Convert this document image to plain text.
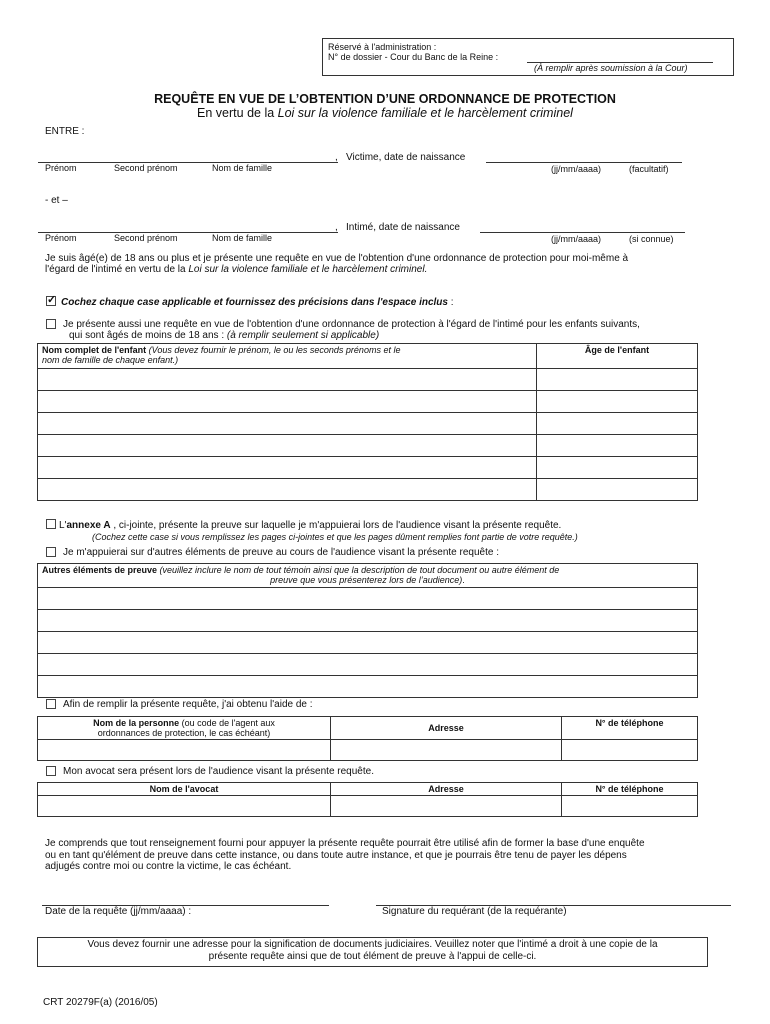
Réservé à l'administration :
N° de dossier - Cour du Banc de la Reine :
(À remplir après soumission à la Cour)
REQUÊTE EN VUE DE L’OBTENTION D’UNE ORDONNANCE DE PROTECTION
En vertu de la Loi sur la violence familiale et le harcèlement criminel
ENTRE :
, Victime, date de naissance
Prénom	Second prénom	Nom de famille	(jj/mm/aaaa)	(facultatif)
- et –
, Intimé, date de naissance
Prénom	Second prénom	Nom de famille	(jj/mm/aaaa)	(si connue)
Je suis âgé(e) de 18 ans ou plus et je présente une requête en vue de l'obtention d'une ordonnance de protection pour moi-même à
l'égard de l'intimé en vertu de la Loi sur la violence familiale et le harcèlement criminel.
✓
Cochez chaque case applicable et fournissez des précisions dans l'espace inclus :
Je présente aussi une requête en vue de l'obtention d'une ordonnance de protection à l'égard de l'intimé pour les enfants suivants,
qui sont âgés de moins de 18 ans : (à remplir seulement si applicable)
Nom complet de l'enfant (Vous devez fournir le prénom, le ou les seconds prénoms et le
nom de famille de chaque enfant.)	Âge de l'enfant

L'annexe A , ci-jointe, présente la preuve sur laquelle je m'appuierai lors de l'audience visant la présente requête.
(Cochez cette case si vous remplissez les pages ci-jointes et que les pages dûment remplies font partie de votre requête.)
Je m'appuierai sur d'autres éléments de preuve au cours de l'audience visant la présente requête :
Autres éléments de preuve (veuillez inclure le nom de tout témoin ainsi que la description de tout document ou autre élément de

preuve que vous présenterez lors de l’audience).

Afin de remplir la présente requête, j'ai obtenu l'aide de :
Nom de la personne (ou code de l'agent aux
ordonnances de protection, le cas échéant)	Adresse	N° de téléphone

Mon avocat sera présent lors de l'audience visant la présente requête.
Nom de l'avocat	Adresse	N° de téléphone

Je comprends que tout renseignement fourni pour appuyer la présente requête pourrait être utilisé afin de former la base d'une enquête
ou en tant qu'élément de preuve dans cette instance, ou dans toute autre instance, et que je pourrais être tenu de payer les dépens
adjugés contre moi ou contre la victime, le cas échéant.
Date de la requête (jj/mm/aaaa) :	Signature du requérant (de la requérante)
Vous devez fournir une adresse pour la signification de documents judiciaires. Veuillez noter que l'intimé a droit à une copie de la
présente requête ainsi que de tout élément de preuve à l'appui de celle-ci.
CRT 20279F(a) (2016/05)
